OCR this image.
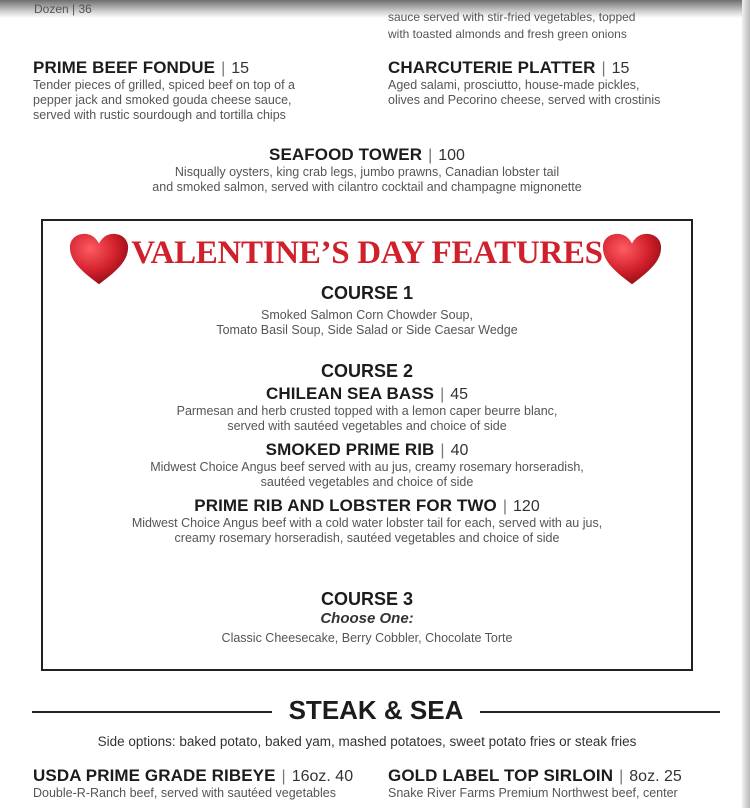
Dozen | 36
sauce served with stir-fried vegetables, topped
with toasted almonds and fresh green onions
PRIME BEEF FONDUE | 15
Tender pieces of grilled, spiced beef on top of a
pepper jack and smoked gouda cheese sauce,
served with rustic sourdough and tortilla chips
CHARCUTERIE PLATTER | 15
Aged salami, prosciutto, house-made pickles,
olives and Pecorino cheese, served with crostinis
SEAFOOD TOWER | 100
Nisqually oysters, king crab legs, jumbo prawns, Canadian lobster tail
and smoked salmon, served with cilantro cocktail and champagne mignonette
VALENTINE’S DAY FEATURES
COURSE 1
Smoked Salmon Corn Chowder Soup,
Tomato Basil Soup, Side Salad or Side Caesar Wedge
COURSE 2
CHILEAN SEA BASS | 45
Parmesan and herb crusted topped with a lemon caper beurre blanc,
served with sautéed vegetables and choice of side
SMOKED PRIME RIB | 40
Midwest Choice Angus beef served with au jus, creamy rosemary horseradish,
sautéed vegetables and choice of side
PRIME RIB AND LOBSTER FOR TWO | 120
Midwest Choice Angus beef with a cold water lobster tail for each, served with au jus,
creamy rosemary horseradish, sautéed vegetables and choice of side
COURSE 3
Choose One:
Classic Cheesecake, Berry Cobbler, Chocolate Torte
STEAK & SEA
Side options: baked potato, baked yam, mashed potatoes, sweet potato fries or steak fries
USDA PRIME GRADE RIBEYE | 16oz. 40
Double-R-Ranch beef, served with sautéed vegetables
GOLD LABEL TOP SIRLOIN | 8oz. 25
Snake River Farms Premium Northwest beef, center
